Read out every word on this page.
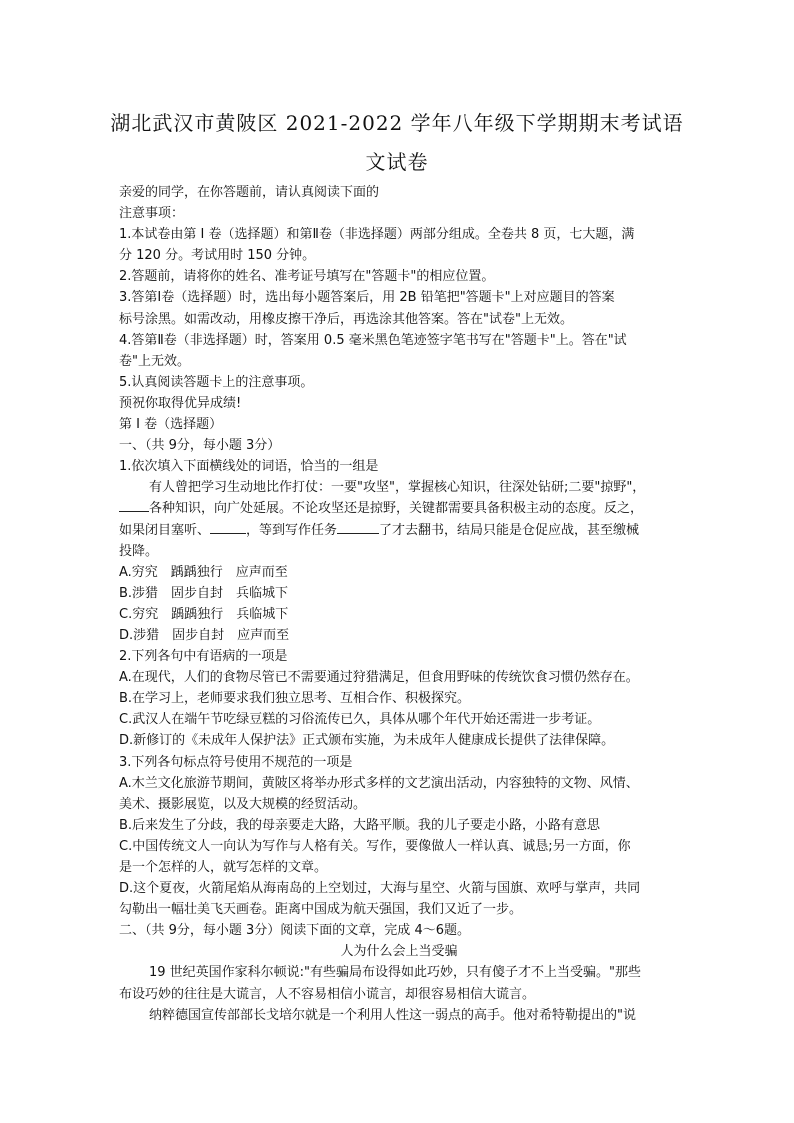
湖北武汉市黄陂区 2021-2022 学年八年级下学期期末考试语
文试卷
亲爱的同学，在你答题前，请认真阅读下面的
注意事项：
1.本试卷由第 I 卷（选择题）和第Ⅱ卷（非选择题）两部分组成。全卷共 8 页，七大题，满
分 120 分。考试用时 150 分钟。
2.答题前，请将你的姓名、准考证号填写在"答题卡"的相应位置。
3.答第Ⅰ卷（选择题）时，选出每小题答案后，用 2B 铅笔把"答题卡"上对应题目的答案
标号涂黑。如需改动，用橡皮擦干净后，再选涂其他答案。答在"试卷"上无效。
4.答第Ⅱ卷（非选择题）时，答案用 0.5 毫米黑色笔迹签字笔书写在"答题卡"上。答在"试
卷"上无效。
5.认真阅读答题卡上的注意事项。
预祝你取得优异成绩!
第 I 卷（选择题）
一、（共 9分，每小题 3分）
1.依次填入下面横线处的词语，恰当的一组是
有人曾把学习生动地比作打仗：一要"攻坚"，掌握核心知识，往深处钻研;二要"掠野"，
各种知识，向广处延展。不论攻坚还是掠野，关键都需要具备积极主动的态度。反之，
如果闭目塞听、	，等到写作任务	了才去翻书，结局只能是仓促应战，甚至缴械
投降。
A.穷究　踽踽独行　应声而至
B.涉猎　固步自封　兵临城下
C.穷究　踽踽独行　兵临城下
D.涉猎　固步自封　应声而至
2.下列各句中有语病的一项是
A.在现代，人们的食物尽管已不需要通过狩猎满足，但食用野味的传统饮食习惯仍然存在。
B.在学习上，老师要求我们独立思考、互相合作、积极探究。
C.武汉人在端午节吃绿豆糕的习俗流传已久，具体从哪个年代开始还需进一步考证。
D.新修订的《未成年人保护法》正式颁布实施，为未成年人健康成长提供了法律保障。
3.下列各句标点符号使用不规范的一项是
A.木兰文化旅游节期间，黄陂区将举办形式多样的文艺演出活动，内容独特的文物、风情、
美术、摄影展览，以及大规模的经贸活动。
B.后来发生了分歧，我的母亲要走大路，大路平顺。我的儿子要走小路，小路有意思
C.中国传统文人一向认为写作与人格有关。写作，要像做人一样认真、诚恳;另一方面，你
是一个怎样的人，就写怎样的文章。
D.这个夏夜，火箭尾焰从海南岛的上空划过，大海与星空、火箭与国旗、欢呼与掌声，共同
勾勒出一幅壮美飞天画卷。距离中国成为航天强国，我们又近了一步。
二、（共 9分，每小题 3分）阅读下面的文章，完成 4～6题。
人为什么会上当受骗
19 世纪英国作家科尔顿说:"有些骗局布设得如此巧妙，只有傻子才不上当受骗。"那些
布设巧妙的往往是大谎言，人不容易相信小谎言，却很容易相信大谎言。
纳粹德国宣传部部长戈培尔就是一个利用人性这一弱点的高手。他对希特勒提出的"说
